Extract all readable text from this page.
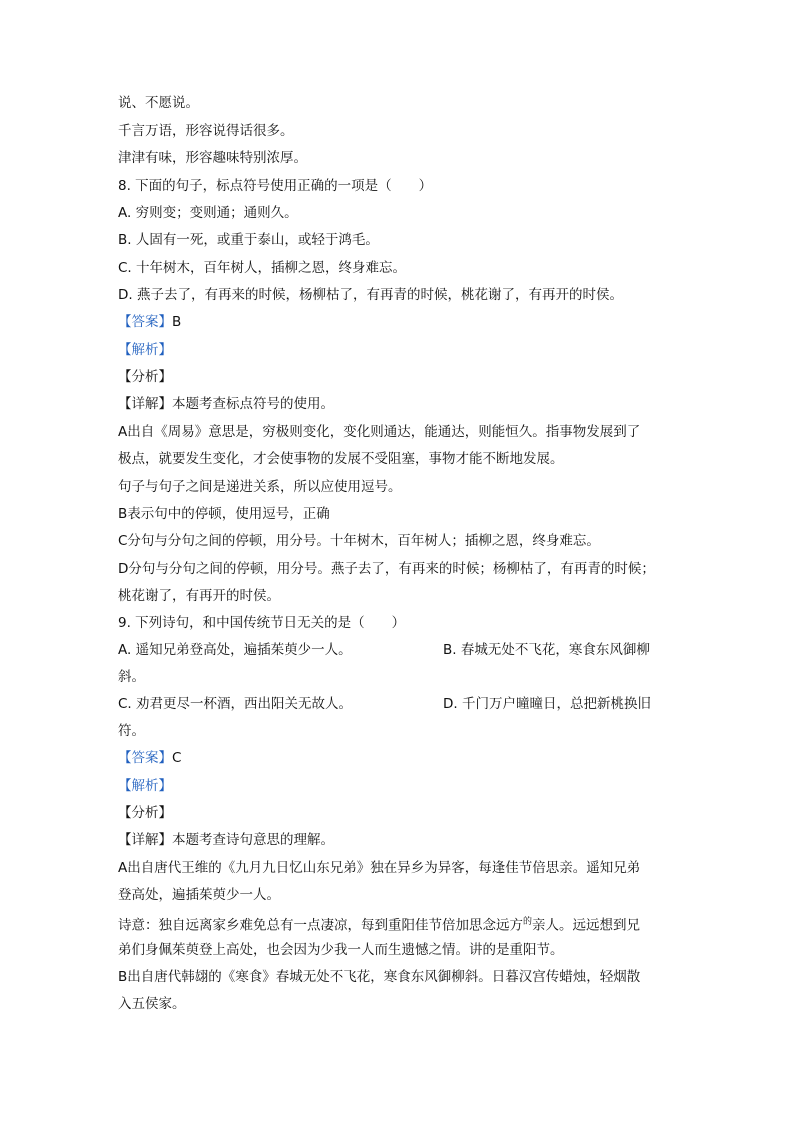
说、不愿说。
千言万语，形容说得话很多。
津津有味，形容趣味特别浓厚。
8. 下面的句子，标点符号使用正确的一项是（　　）
A. 穷则变；变则通；通则久。
B. 人固有一死，或重于泰山，或轻于鸿毛。
C. 十年树木，百年树人，插柳之恩，终身难忘。
D. 燕子去了，有再来的时候，杨柳枯了，有再青的时候，桃花谢了，有再开的时侯。
【答案】B
【解析】
【分析】
【详解】本题考查标点符号的使用。
A出自《周易》意思是，穷极则变化，变化则通达，能通达，则能恒久。指事物发展到了
极点，就要发生变化，才会使事物的发展不受阻塞，事物才能不断地发展。
句子与句子之间是递进关系，所以应使用逗号。
B表示句中的停顿，使用逗号，正确
C分句与分句之间的停顿，用分号。十年树木，百年树人；插柳之恩，终身难忘。
D分句与分句之间的停顿，用分号。燕子去了，有再来的时候；杨柳枯了，有再青的时候；
桃花谢了，有再开的时侯。
9. 下列诗句，和中国传统节日无关的是（　　）
A. 遥知兄弟登高处，遍插茱萸少一人。	B. 春城无处不飞花，寒食东风御柳
斜。
C. 劝君更尽一杯酒，西出阳关无故人。	D. 千门万户曈曈日，总把新桃换旧
符。
【答案】C
【解析】
【分析】
【详解】本题考查诗句意思的理解。
A出自唐代王维的《九月九日忆山东兄弟》独在异乡为异客，每逢佳节倍思亲。遥知兄弟
登高处，遍插茱萸少一人。
诗意：独自远离家乡难免总有一点凄凉，每到重阳佳节倍加思念远方$^的$亲人。远远想到兄
弟们身佩茱萸登上高处，也会因为少我一人而生遗憾之情。讲的是重阳节。
B出自唐代韩翃的《寒食》春城无处不飞花，寒食东风御柳斜。日暮汉宫传蜡烛，轻烟散
入五侯家。
